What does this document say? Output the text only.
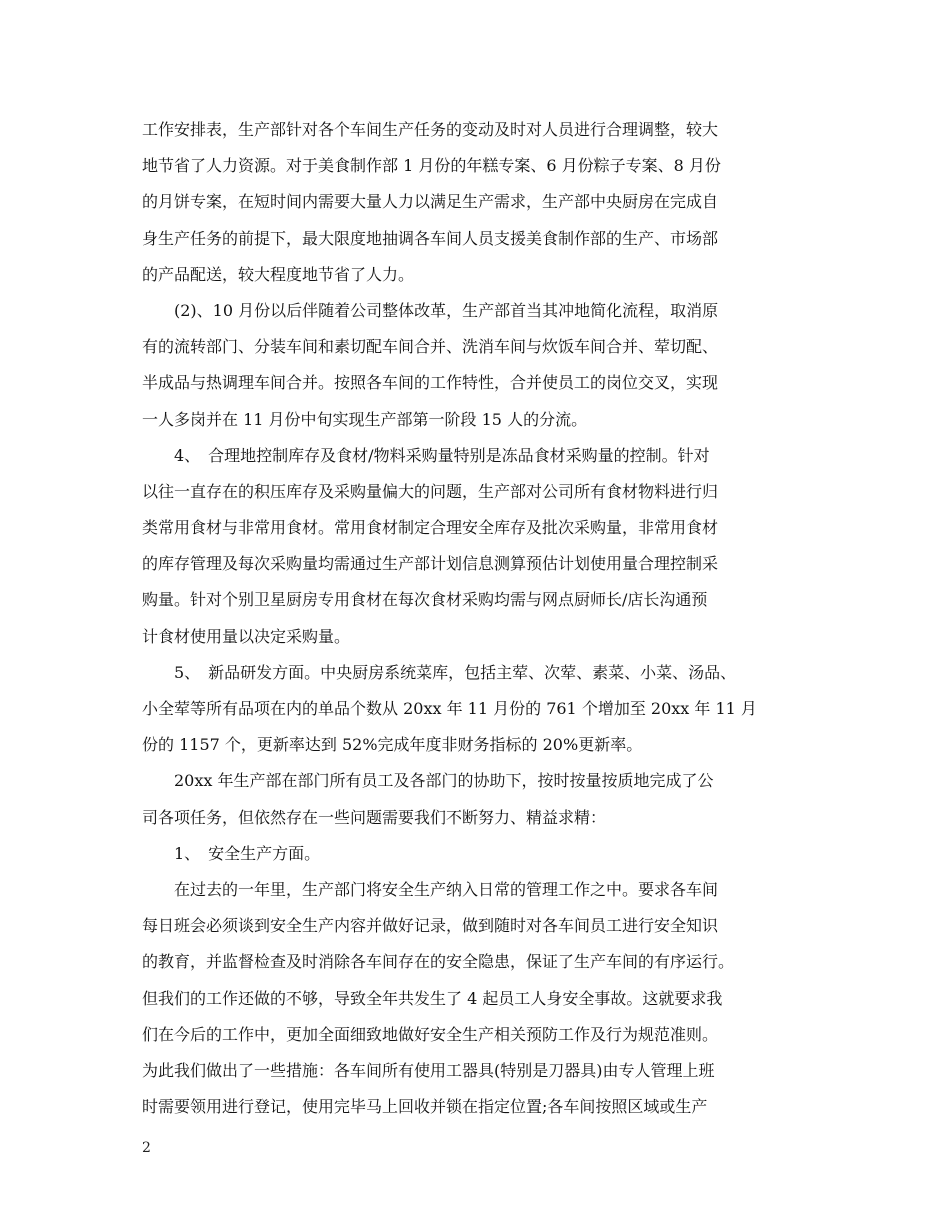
工作安排表，生产部针对各个车间生产任务的变动及时对人员进行合理调整，较大

地节省了人力资源。对于美食制作部 1 月份的年糕专案、6 月份粽子专案、8 月份

的月饼专案，在短时间内需要大量人力以满足生产需求，生产部中央厨房在完成自

身生产任务的前提下，最大限度地抽调各车间人员支援美食制作部的生产、市场部

的产品配送，较大程度地节省了人力。

　　(2)、10 月份以后伴随着公司整体改革，生产部首当其冲地简化流程，取消原

有的流转部门、分装车间和素切配车间合并、洗消车间与炊饭车间合并、荤切配、

半成品与热调理车间合并。按照各车间的工作特性，合并使员工的岗位交叉，实现

一人多岗并在 11 月份中旬实现生产部第一阶段 15 人的分流。

　　4、　合理地控制库存及食材/物料采购量特别是冻品食材采购量的控制。针对

以往一直存在的积压库存及采购量偏大的问题，生产部对公司所有食材物料进行归

类常用食材与非常用食材。常用食材制定合理安全库存及批次采购量，非常用食材

的库存管理及每次采购量均需通过生产部计划信息测算预估计划使用量合理控制采

购量。针对个别卫星厨房专用食材在每次食材采购均需与网点厨师长/店长沟通预

计食材使用量以决定采购量。

　　5、　新品研发方面。中央厨房系统菜库，包括主荤、次荤、素菜、小菜、汤品、

小全荤等所有品项在内的单品个数从 20xx 年 11 月份的 761 个增加至 20xx 年 11 月

份的 1157 个，更新率达到 52%完成年度非财务指标的 20%更新率。

　　20xx 年生产部在部门所有员工及各部门的协助下，按时按量按质地完成了公

司各项任务，但依然存在一些问题需要我们不断努力、精益求精：

　　1、　安全生产方面。

　　在过去的一年里，生产部门将安全生产纳入日常的管理工作之中。要求各车间

每日班会必须谈到安全生产内容并做好记录，做到随时对各车间员工进行安全知识

的教育，并监督检查及时消除各车间存在的安全隐患，保证了生产车间的有序运行。

但我们的工作还做的不够，导致全年共发生了 4 起员工人身安全事故。这就要求我

们在今后的工作中，更加全面细致地做好安全生产相关预防工作及行为规范准则。

为此我们做出了一些措施：各车间所有使用工器具(特别是刀器具)由专人管理上班

时需要领用进行登记，使用完毕马上回收并锁在指定位置;各车间按照区域或生产

2
